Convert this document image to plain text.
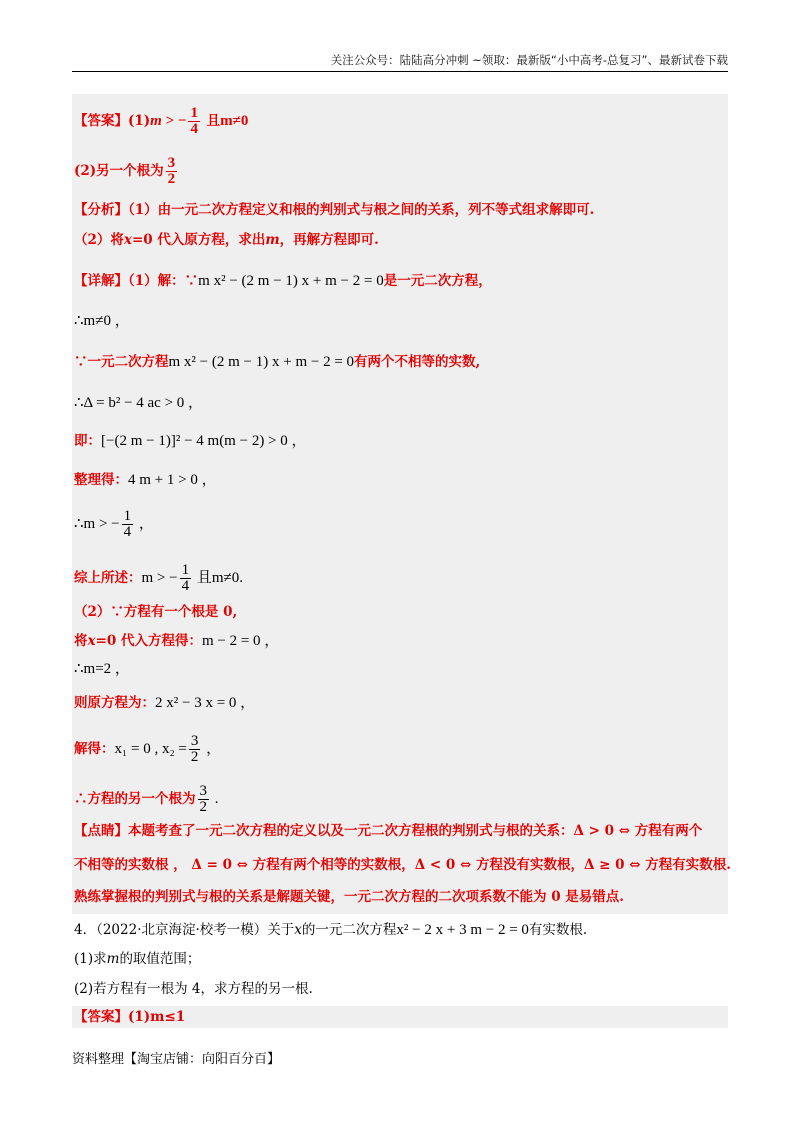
关注公众号：陆陆高分冲刺 ~领取：最新版“小中高考-总复习”、最新试卷下载
【答案】(1)m > − $\frac{1}{4}$ 且m≠0
(2)另一个根为 $\frac{3}{2}$
【分析】（1）由一元二次方程定义和根的判别式与根之间的关系，列不等式组求解即可.
（2）将x=0 代入原方程，求出m，再解方程即可.
【详解】（1）解：∵m x² − (2 m − 1) x + m − 2 = 0是一元二次方程，
∴m≠0 ，
∵一元二次方程m x² − (2 m − 1) x + m − 2 = 0有两个不相等的实数,
∴Δ = b² − 4 ac > 0 ，
即：[−(2 m − 1)]² − 4 m(m − 2) > 0 ，
整理得：4 m + 1 > 0 ，
∴m > − $\frac{1}{4}$ ，
综上所述：m > − $\frac{1}{4}$ 且m≠0.
（2）∵方程有一个根是 0,
将x=0 代入方程得：m − 2 = 0 ，
∴m=2 ，
则原方程为：2 x² − 3 x = 0 ，
解得：x₁ = 0 , $x_2 = \frac{3}{2}$ ，
∴方程的另一个根为 $\frac{3}{2}$ .
【点睛】本题考查了一元二次方程的定义以及一元二次方程根的判别式与根的关系：Δ > 0 ⇔ 方程有两个
不相等的实数根 ， Δ = 0 ⇔ 方程有两个相等的实数根，Δ < 0 ⇔ 方程没有实数根，Δ ≥ 0 ⇔ 方程有实数根.
熟练掌握根的判别式与根的关系是解题关键，一元二次方程的二次项系数不能为 0 是易错点.
4．（2022·北京海淀·校考一模）关于x的一元二次方程x² − 2 x + 3 m − 2 = 0有实数根.
(1)求m的取值范围；
(2)若方程有一根为 4，求方程的另一根.
【答案】(1)m≤1
资料整理【淘宝店铺：向阳百分百】
